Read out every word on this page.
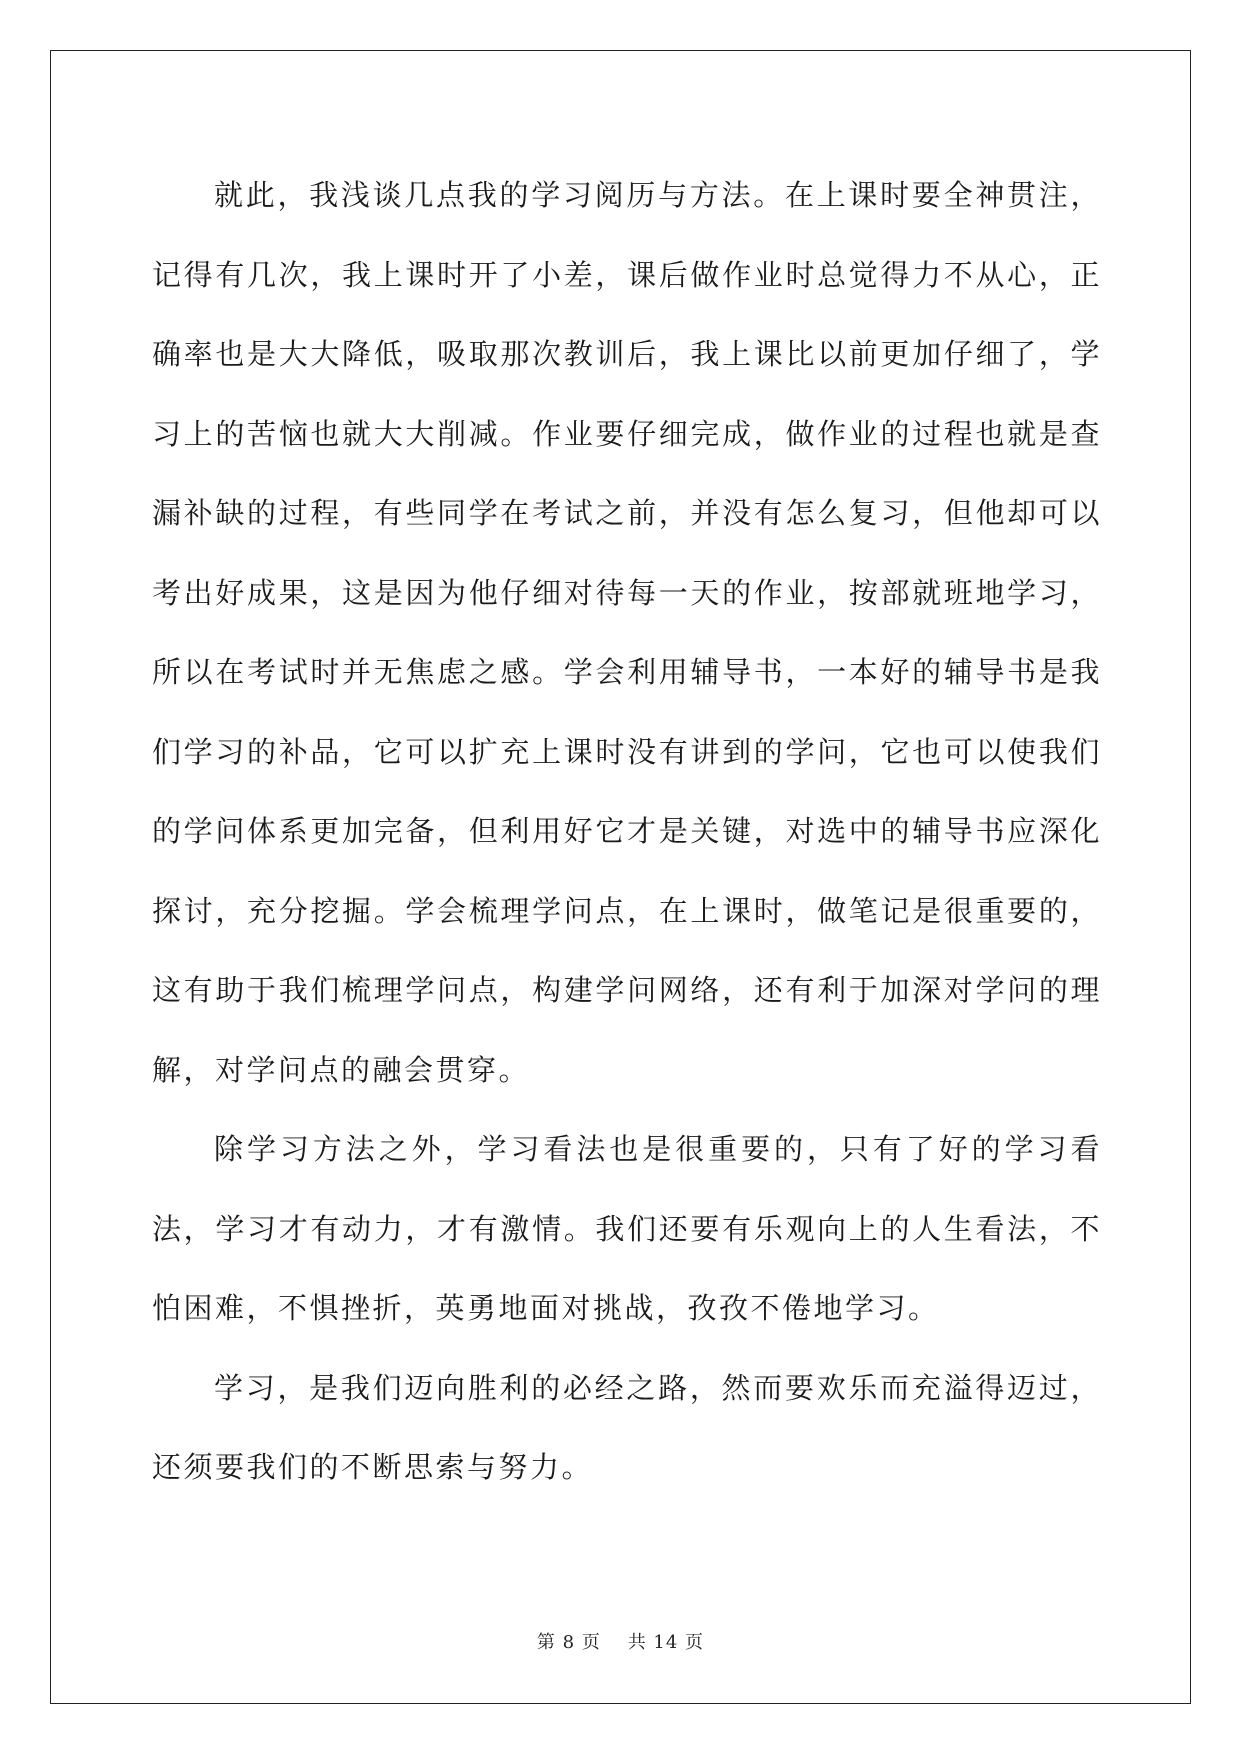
就此，我浅谈几点我的学习阅历与方法。在上课时要全神贯注，记得有几次，我上课时开了小差，课后做作业时总觉得力不从心，正确率也是大大降低，吸取那次教训后，我上课比以前更加仔细了，学习上的苦恼也就大大削减。作业要仔细完成，做作业的过程也就是查漏补缺的过程，有些同学在考试之前，并没有怎么复习，但他却可以考出好成果，这是因为他仔细对待每一天的作业，按部就班地学习，所以在考试时并无焦虑之感。学会利用辅导书，一本好的辅导书是我们学习的补品，它可以扩充上课时没有讲到的学问，它也可以使我们的学问体系更加完备，但利用好它才是关键，对选中的辅导书应深化探讨，充分挖掘。学会梳理学问点，在上课时，做笔记是很重要的，这有助于我们梳理学问点，构建学问网络，还有利于加深对学问的理解，对学问点的融会贯穿。

除学习方法之外，学习看法也是很重要的，只有了好的学习看法，学习才有动力，才有激情。我们还要有乐观向上的人生看法，不怕困难，不惧挫折，英勇地面对挑战，孜孜不倦地学习。

学习，是我们迈向胜利的必经之路，然而要欢乐而充溢得迈过，还须要我们的不断思索与努力。

第 8 页    共 14 页
